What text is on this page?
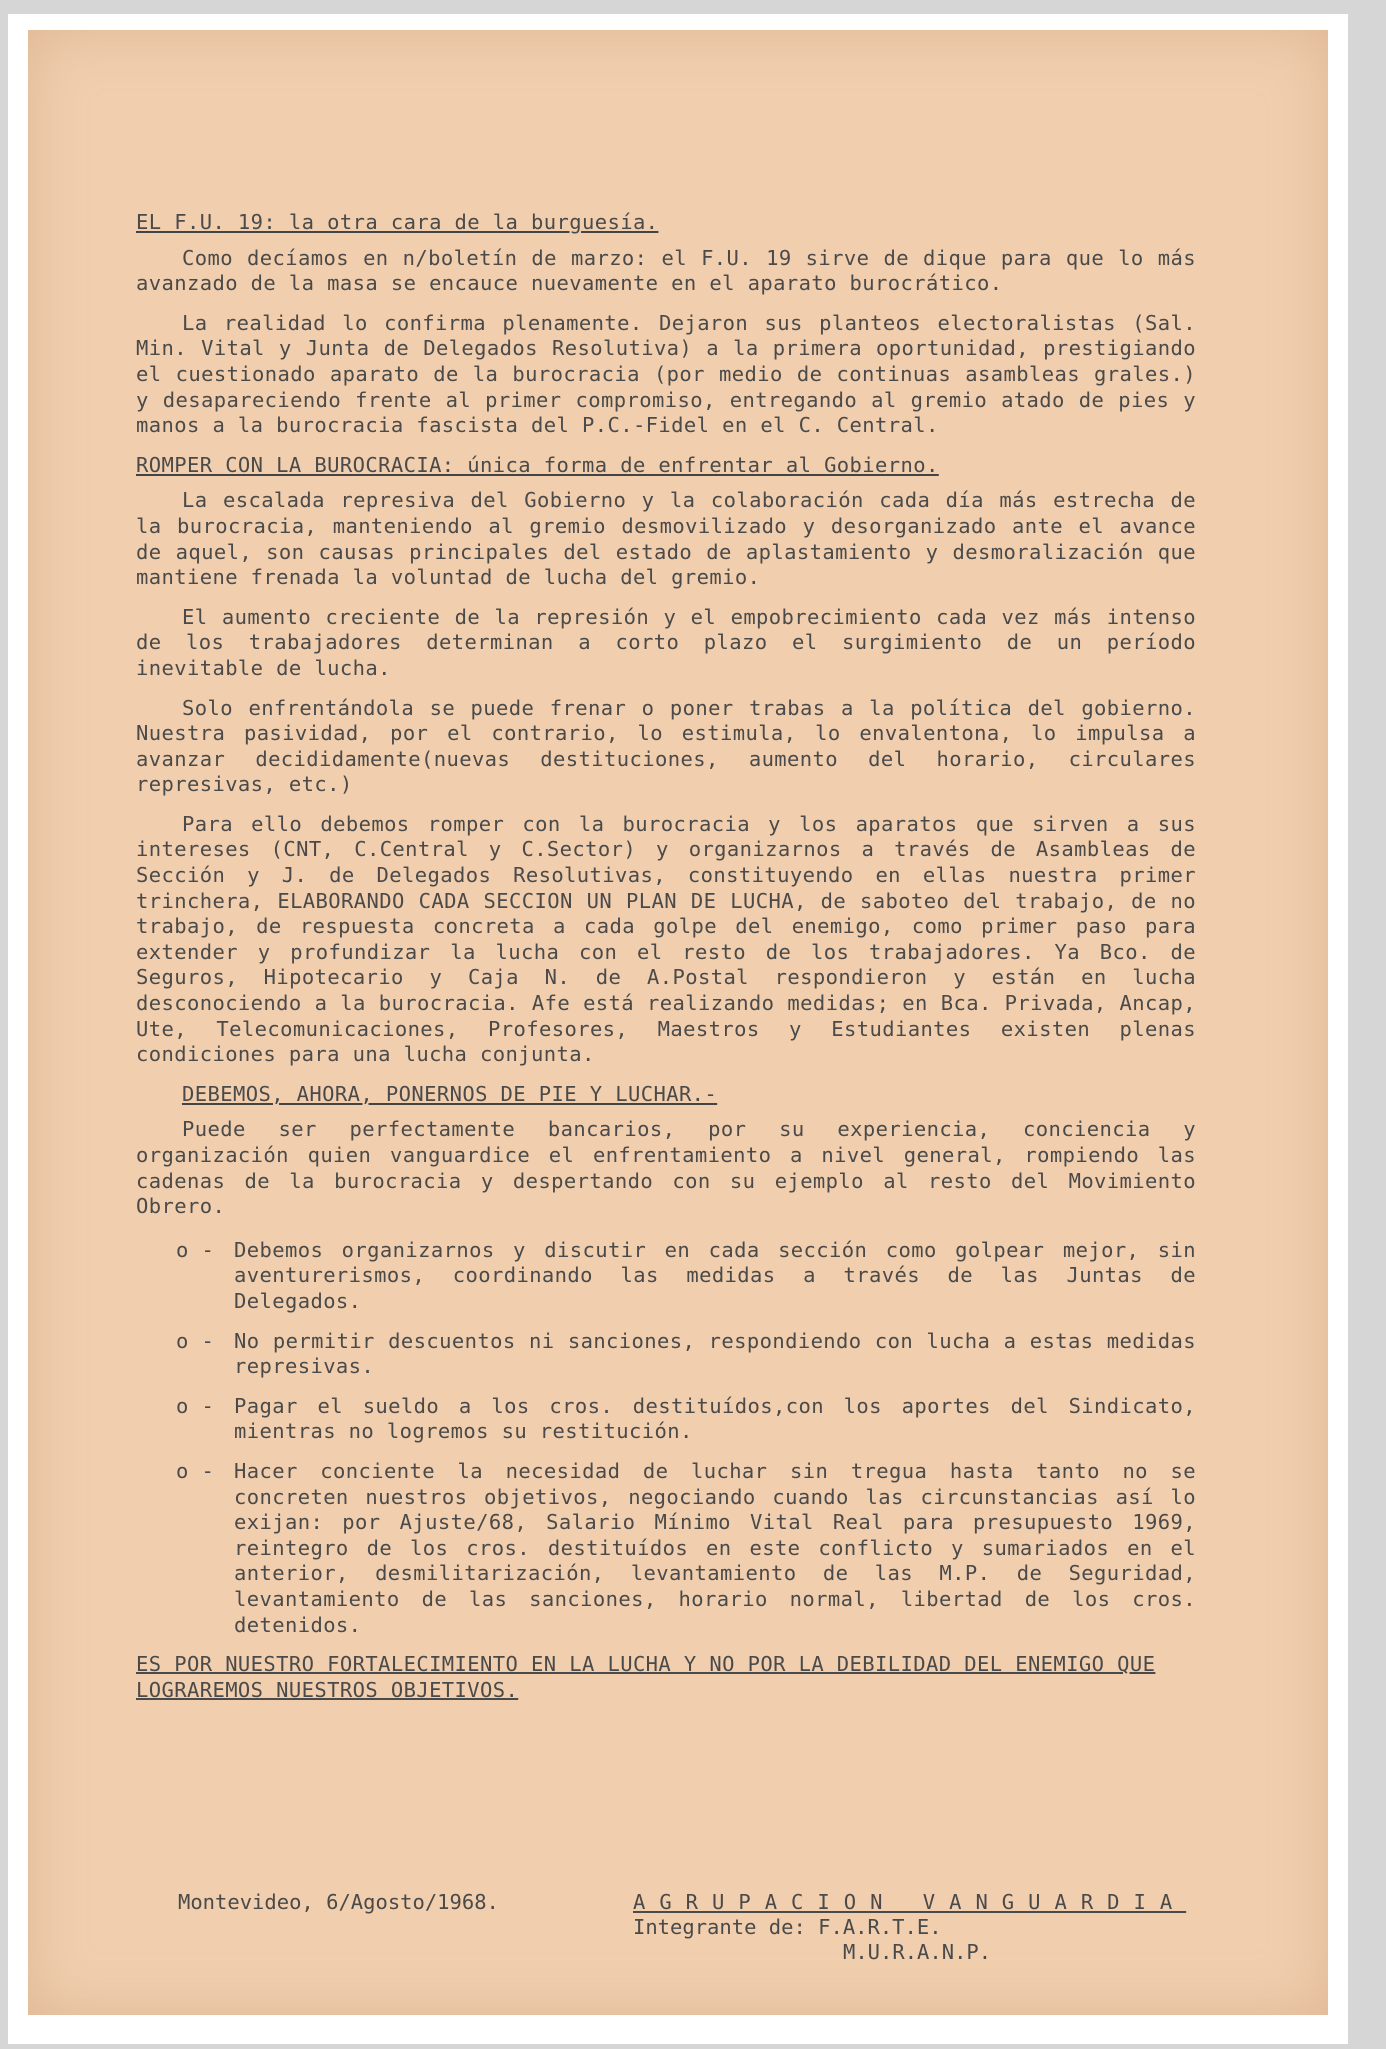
EL F.U. 19: la otra cara de la burguesía.

Como decíamos en n/boletín de marzo: el F.U. 19 sirve de dique para que lo más avanzado de la masa se encauce nuevamente en el aparato burocrático.

La realidad lo confirma plenamente. Dejaron sus planteos electoralistas (Sal. Min. Vital y Junta de Delegados Resolutiva) a la primera oportunidad, prestigiando el cuestionado aparato de la burocracia (por medio de continuas asambleas grales.) y desapareciendo frente al primer compromiso, entregando al gremio atado de pies y manos a la burocracia fascista del P.C.-Fidel en el C. Central.

ROMPER CON LA BUROCRACIA: única forma de enfrentar al Gobierno.

La escalada represiva del Gobierno y la colaboración cada día más estrecha de la burocracia, manteniendo al gremio desmovilizado y desorganizado ante el avance de aquel, son causas principales del estado de aplastamiento y desmoralización que mantiene frenada la voluntad de lucha del gremio.

El aumento creciente de la represión y el empobrecimiento cada vez más intenso de los trabajadores determinan a corto plazo el surgimiento de un período inevitable de lucha.

Solo enfrentándola se puede frenar o poner trabas a la política del gobierno. Nuestra pasividad, por el contrario, lo estimula, lo envalentona, lo impulsa a avanzar decididamente(nuevas destituciones, aumento del horario, circulares represivas, etc.)

Para ello debemos romper con la burocracia y los aparatos que sirven a sus intereses (CNT, C.Central y C.Sector) y organizarnos a través de Asambleas de Sección y J. de Delegados Resolutivas, constituyendo en ellas nuestra primer trinchera, ELABORANDO CADA SECCION UN PLAN DE LUCHA, de saboteo del trabajo, de no trabajo, de respuesta concreta a cada golpe del enemigo, como primer paso para extender y profundizar la lucha con el resto de los trabajadores. Ya Bco. de Seguros, Hipotecario y Caja N. de A.Postal respondieron y están en lucha desconociendo a la burocracia. Afe está realizando medidas; en Bca. Privada, Ancap, Ute, Telecomunicaciones, Profesores, Maestros y Estudiantes existen plenas condiciones para una lucha conjunta.

DEBEMOS, AHORA, PONERNOS DE PIE Y LUCHAR.-

Puede ser perfectamente bancarios, por su experiencia, conciencia y organización quien vanguardice el enfrentamiento a nivel general, rompiendo las cadenas de la burocracia y despertando con su ejemplo al resto del Movimiento Obrero.

o - Debemos organizarnos y discutir en cada sección como golpear mejor, sin aventurerismos, coordinando las medidas a través de las Juntas de Delegados.
o - No permitir descuentos ni sanciones, respondiendo con lucha a estas medidas represivas.
o - Pagar el sueldo a los cros. destituídos,con los aportes del Sindicato, mientras no logremos su restitución.
o - Hacer conciente la necesidad de luchar sin tregua hasta tanto no se concreten nuestros objetivos, negociando cuando las circunstancias así lo exijan: por Ajuste/68, Salario Mínimo Vital Real para presupuesto 1969, reintegro de los cros. destituídos en este conflicto y sumariados en el anterior, desmilitarización, levantamiento de las M.P. de Seguridad, levantamiento de las sanciones, horario normal, libertad de los cros. detenidos.

ES POR NUESTRO FORTALECIMIENTO EN LA LUCHA Y NO POR LA DEBILIDAD DEL ENEMIGO QUE LOGRAREMOS NUESTROS OBJETIVOS.

Montevideo, 6/Agosto/1968.	AGRUPACION VANGUARDIA
Integrante de: F.A.R.T.E.
M.U.R.A.N.P.
